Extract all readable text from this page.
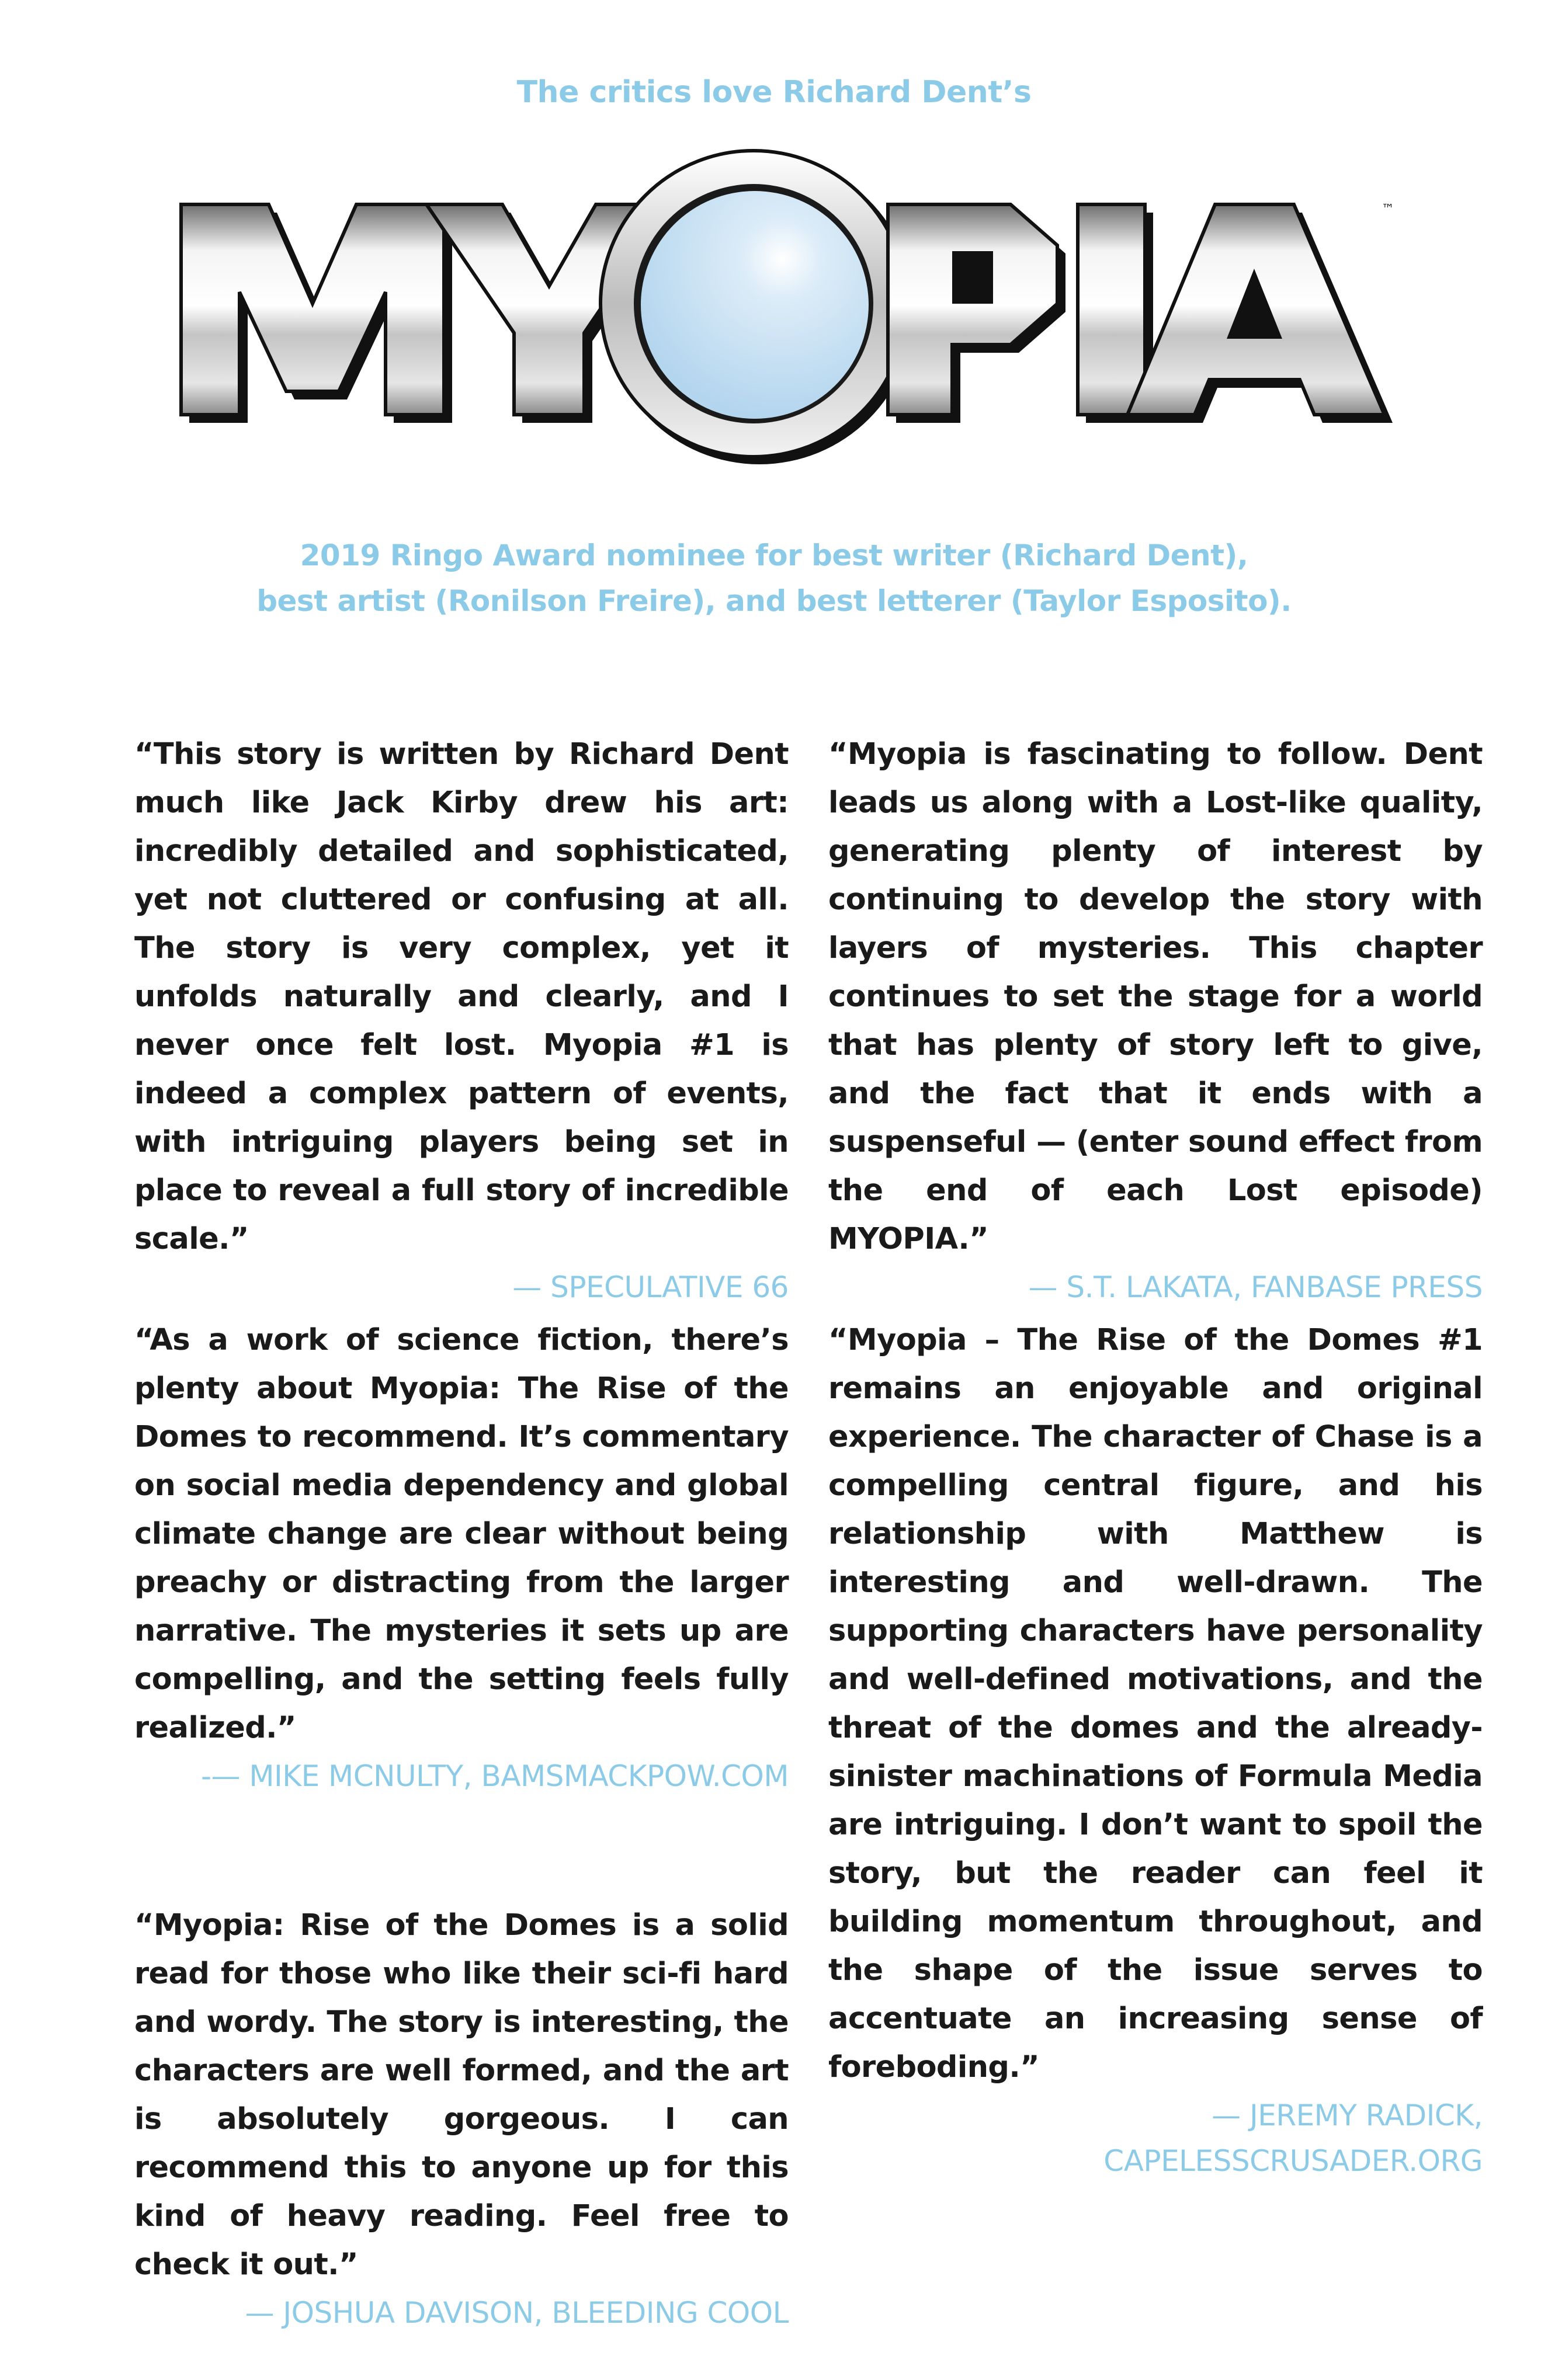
The critics love Richard Dent’s
™
2019 Ringo Award nominee for best writer (Richard Dent),
best artist (Ronilson Freire), and best letterer (Taylor Esposito).

“This story is written by Richard Dent much like Jack Kirby drew his art: incredibly detailed and sophisticated, yet not cluttered or confusing at all. The story is very complex, yet it unfolds naturally and clearly, and I never once felt lost. Myopia #1 is indeed a complex pattern of events, with intriguing players being set in place to reveal a full story of incredible scale.”

— SPECULATIVE 66

“Myopia is fascinating to follow. Dent leads us along with a Lost-like quality, generating plenty of interest by continuing to develop the story with layers of mysteries. This chapter continues to set the stage for a world that has plenty of story left to give, and the fact that it ends with a suspenseful — (enter sound effect from the end of each Lost episode) MYOPIA.”

— S.T. LAKATA, FANBASE PRESS

“As a work of science fiction, there’s plenty about Myopia: The Rise of the Domes to recommend. It’s commentary on social media dependency and global climate change are clear without being preachy or distracting from the larger narrative. The mysteries it sets up are compelling, and the setting feels fully realized.”

-— MIKE MCNULTY, BAMSMACKPOW.COM

“Myopia: Rise of the Domes is a solid read for those who like their sci-fi hard and wordy. The story is interesting, the characters are well formed, and the art is absolutely gorgeous. I can recommend this to anyone up for this kind of heavy reading. Feel free to check it out.”

— JOSHUA DAVISON, BLEEDING COOL

“Myopia – The Rise of the Domes #1 remains an enjoyable and original experience. The character of Chase is a compelling central figure, and his relationship with Matthew is interesting and well-drawn. The supporting characters have personality and well-defined motivations, and the threat of the domes and the already-sinister machinations of Formula Media are intriguing. I don’t want to spoil the story, but the reader can feel it building momentum throughout, and the shape of the issue serves to accentuate an increasing sense of foreboding.”

— JEREMY RADICK,

CAPELESSCRUSADER.ORG
